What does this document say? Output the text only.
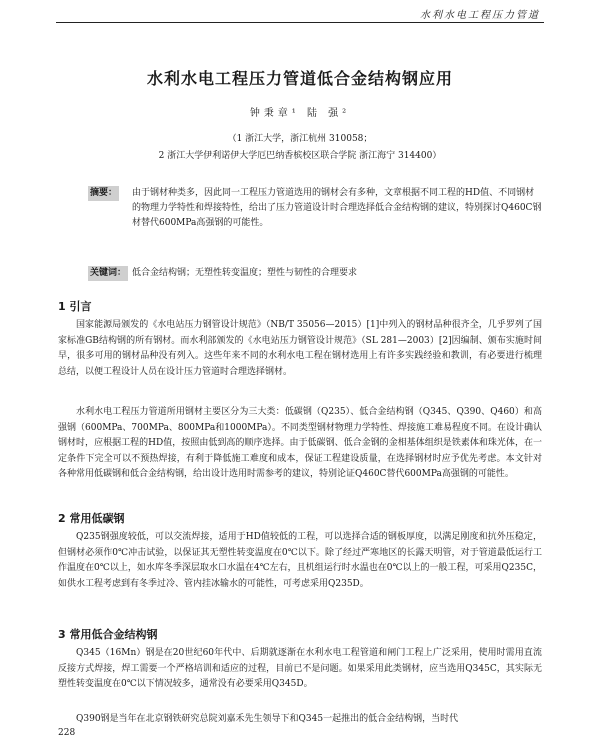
水利水电工程压力管道
水利水电工程压力管道低合金结构钢应用
钟秉章¹ 陆 强²
（1 浙江大学，浙江杭州 310058；
2 浙江大学伊利诺伊大学厄巴纳香槟校区联合学院 浙江海宁 314400）
摘要： 由于钢材种类多，因此同一工程压力管道选用的钢材会有多种，文章根据不同工程的HD值、不同钢材的物理力学特性和焊接特性，给出了压力管道设计时合理选择低合金结构钢的建议，特别探讨Q460C钢材替代600MPa高强钢的可能性。
关键词： 低合金结构钢；无塑性转变温度；塑性与韧性的合理要求
1 引言
国家能源局颁发的《水电站压力钢管设计规范》（NB/T 35056—2015）[1]中列入的钢材品种很齐全，几乎罗列了国家标准GB结构钢的所有钢材。而水利部颁发的《水电站压力钢管设计规范》（SL 281—2003）[2]因编制、颁布实施时间早，很多可用的钢材品种没有列入。这些年来不同的水利水电工程在钢材选用上有许多实践经验和教训，有必要进行梳理总结，以便工程设计人员在设计压力管道时合理选择钢材。
水利水电工程压力管道所用钢材主要区分为三大类：低碳钢（Q235）、低合金结构钢（Q345、Q390、Q460）和高强钢（600MPa、700MPa、800MPa和1000MPa）。不同类型钢材物理力学特性、焊接施工难易程度不同。在设计确认钢材时，应根据工程的HD值，按照由低到高的顺序选择。由于低碳钢、低合金钢的金相基体组织是铁素体和珠光体，在一定条件下完全可以不预热焊接，有利于降低施工难度和成本，保证工程建设质量，在选择钢材时应予优先考虑。本文针对各种常用低碳钢和低合金结构钢，给出设计选用时需参考的建议，特别论证Q460C替代600MPa高强钢的可能性。
2 常用低碳钢
Q235钢强度较低，可以交流焊接，适用于HD值较低的工程，可以选择合适的钢板厚度，以满足刚度和抗外压稳定，但钢材必须作0℃冲击试验，以保证其无塑性转变温度在0℃以下。除了经过严寒地区的长露天明管，对于管道最低运行工作温度在0℃以上，如水库冬季深层取水口水温在4℃左右，且机组运行时水温也在0℃以上的一般工程，可采用Q235C，如供水工程考虑到有冬季过冷、管内挂冰输水的可能性，可考虑采用Q235D。
3 常用低合金结构钢
Q345（16Mn）钢是在20世纪60年代中、后期就逐渐在水利水电工程管道和闸门工程上广泛采用，使用时需用直流反接方式焊接，焊工需要一个严格培训和适应的过程，目前已不是问题。如果采用此类钢材，应当选用Q345C，其实际无塑性转变温度在0℃以下情况较多，通常没有必要采用Q345D。
Q390钢是当年在北京钢铁研究总院刘嘉禾先生领导下和Q345一起推出的低合金结构钢，当时代
228
